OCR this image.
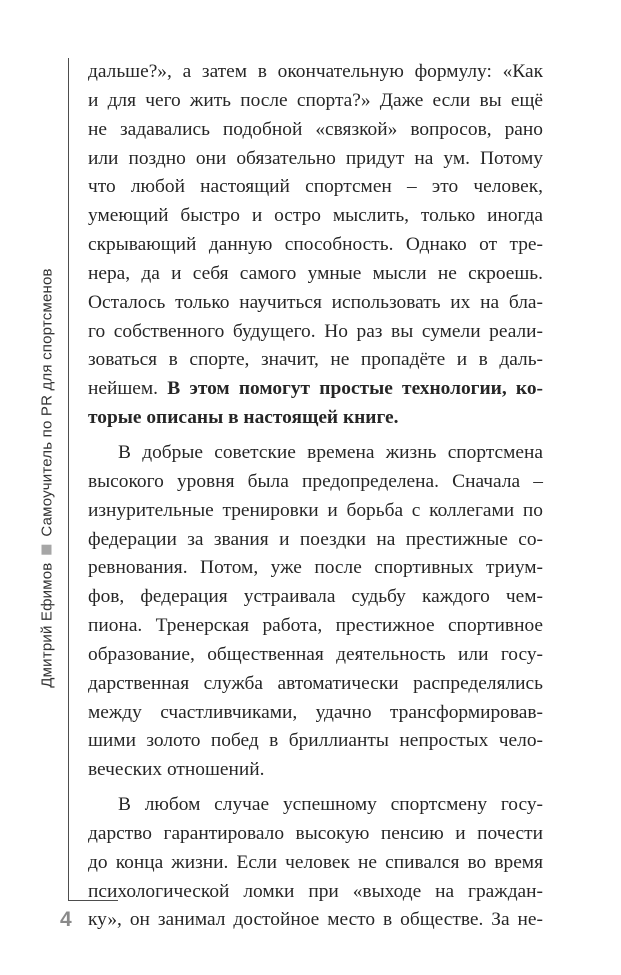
Дмитрий ЕфимовСамоучитель по PR для спортсменов
4
дальше?», а затем в окончательную формулу: «Как
и для чего жить после спорта?» Даже если вы ещё
не задавались подобной «связкой» вопросов, рано
или поздно они обязательно придут на ум. Потому
что любой настоящий спортсмен – это человек,
умеющий быстро и остро мыслить, только иногда
скрывающий данную способность. Однако от тре-
нера, да и себя самого умные мысли не скроешь.
Осталось только научиться использовать их на бла-
го собственного будущего. Но раз вы сумели реали-
зоваться в спорте, значит, не пропадёте и в даль-
нейшем. В этом помогут простые технологии, ко-
торые описаны в настоящей книге.
В добрые советские времена жизнь спортсмена
высокого уровня была предопределена. Сначала –
изнурительные тренировки и борьба с коллегами по
федерации за звания и поездки на престижные со-
ревнования. Потом, уже после спортивных триум-
фов, федерация устраивала судьбу каждого чем-
пиона. Тренерская работа, престижное спортивное
образование, общественная деятельность или госу-
дарственная служба автоматически распределялись
между счастливчиками, удачно трансформировав-
шими золото побед в бриллианты непростых чело-
веческих отношений.
В любом случае успешному спортсмену госу-
дарство гарантировало высокую пенсию и почести
до конца жизни. Если человек не спивался во время
психологической ломки при «выходе на граждан-
ку», он занимал достойное место в обществе. За не-
